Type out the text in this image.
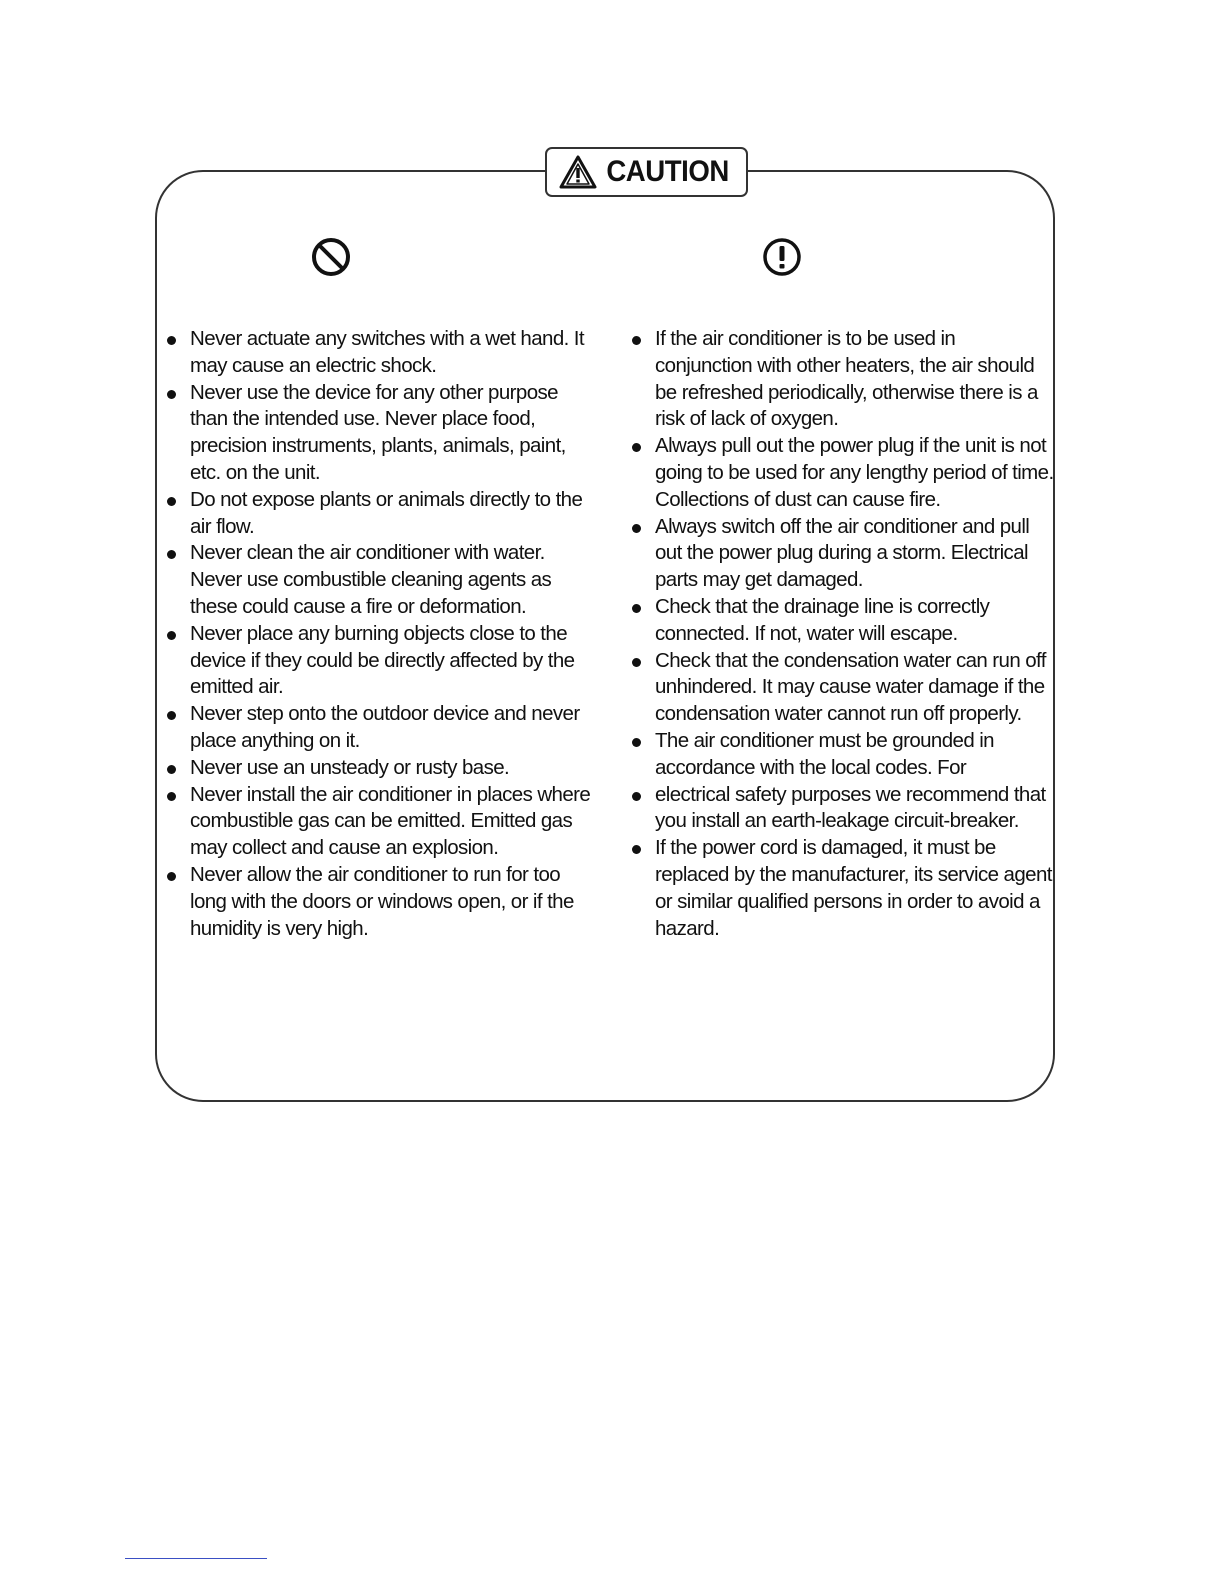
CAUTION
Never actuate any switches with a wet hand. It may cause an electric shock.
Never use the device for any other purpose than the intended use. Never place food, precision instruments, plants, animals, paint, etc. on the unit.
Do not expose plants or animals directly to the air flow.
Never clean the air conditioner with water. Never use combustible cleaning agents as these could cause a fire or deformation.
Never place any burning objects close to the device if they could be directly affected by the emitted air.
Never step onto the outdoor device and never place anything on it.
Never use an unsteady or rusty base.
Never install the air conditioner in places where combustible gas can be emitted. Emitted gas may collect and cause an explosion.
Never allow the air conditioner to run for too long with the doors or windows open, or if the humidity is very high.
If the air conditioner is to be used in conjunction with other heaters, the air should be refreshed periodically, otherwise there is a risk of lack of oxygen.
Always pull out the power plug if the unit is not going to be used for any lengthy period of time. Collections of dust can cause fire.
Always switch off the air conditioner and pull out the power plug during a storm. Electrical parts may get damaged.
Check that the drainage line is correctly connected. If not, water will escape.
Check that the condensation water can run off unhindered. It may cause water damage if the condensation water cannot run off properly.
The air conditioner must be grounded in accordance with the local codes. For
electrical safety purposes we recommend that you install an earth-leakage circuit-breaker.
If the power cord is damaged, it must be replaced by the manufacturer, its service agent or similar qualified persons in order to avoid a hazard.
